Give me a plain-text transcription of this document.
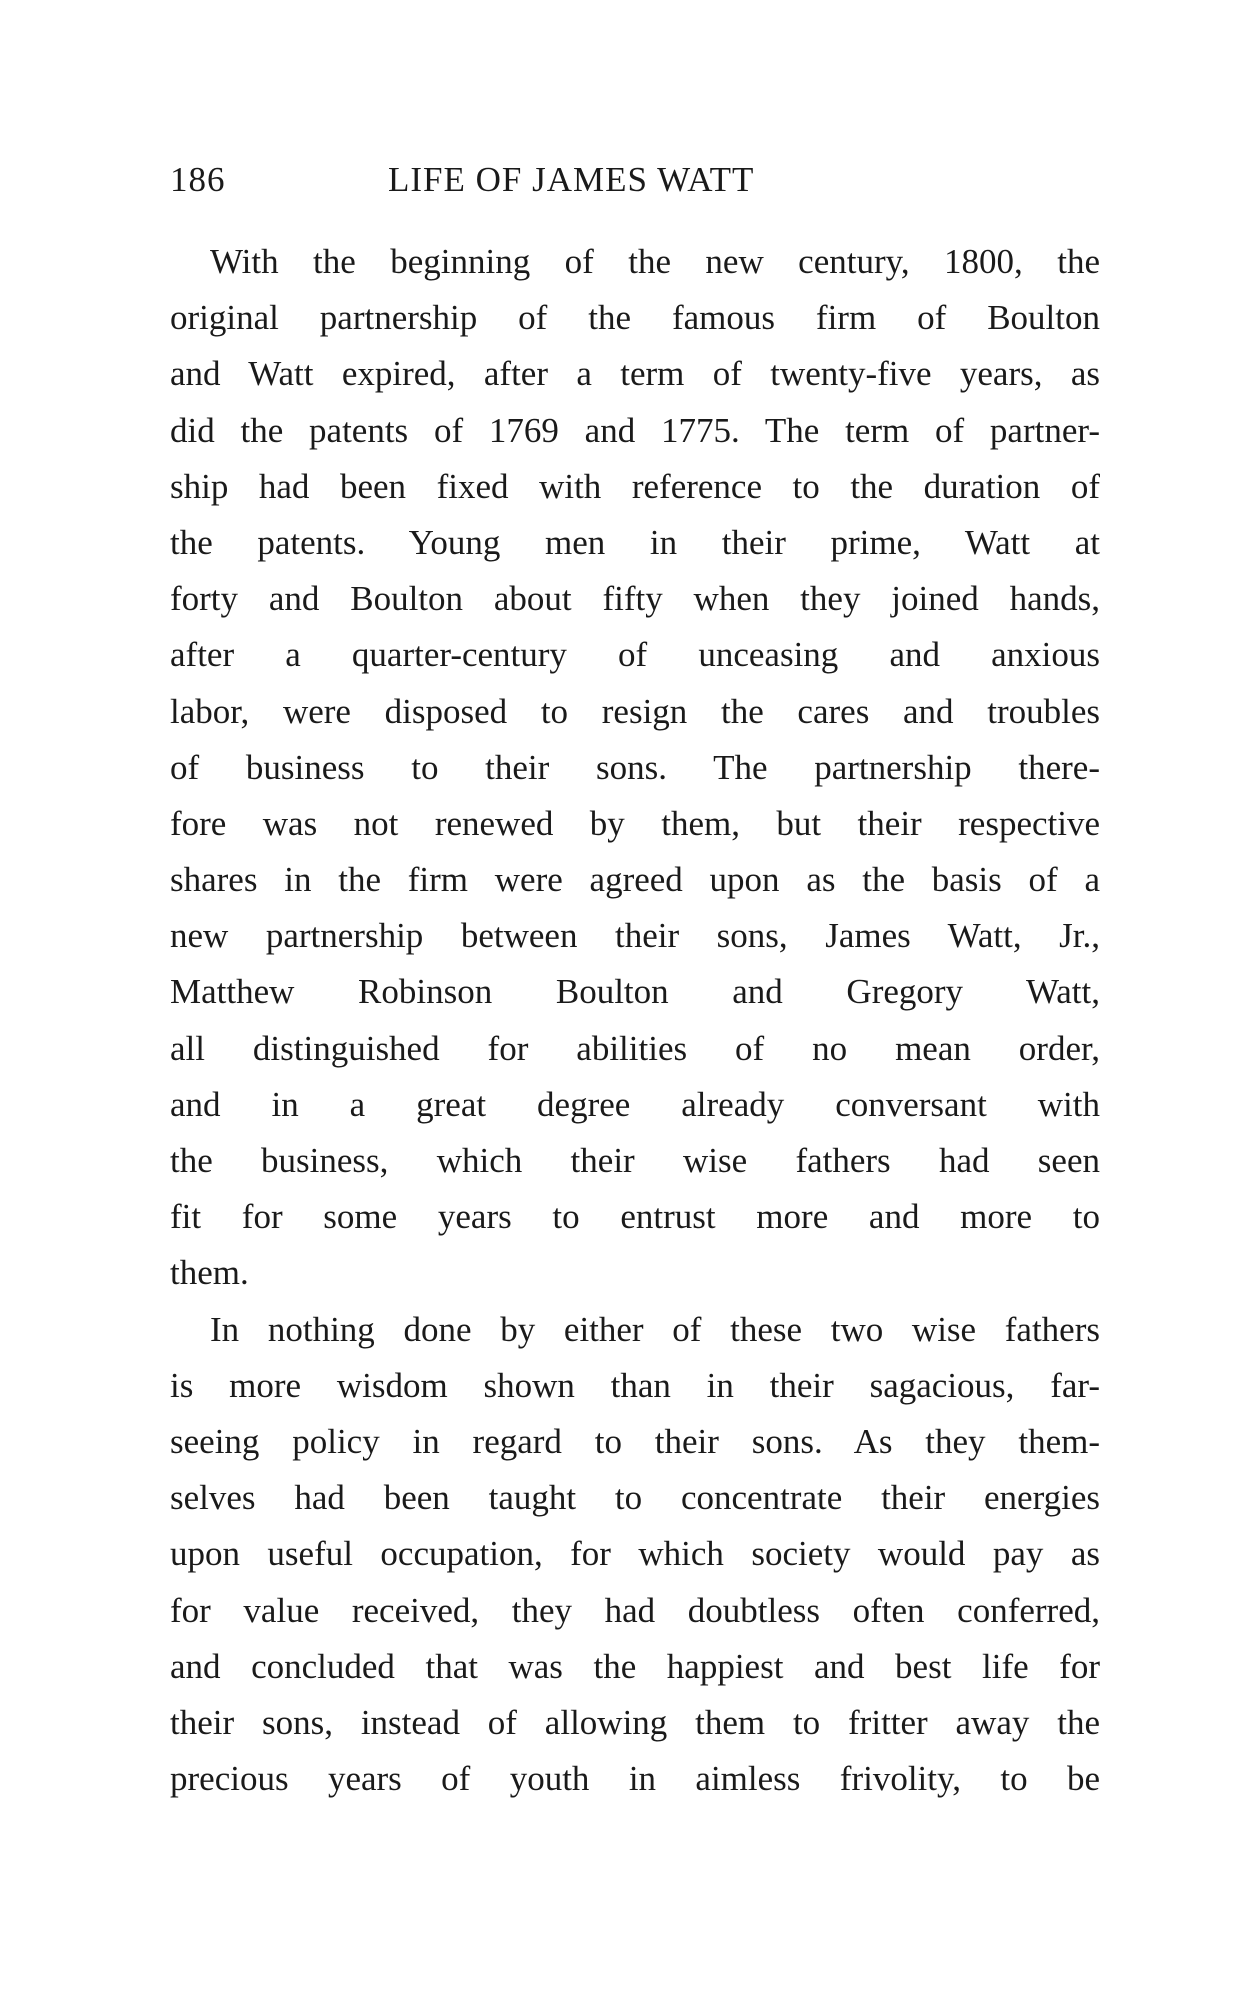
186	LIFE OF JAMES WATT
With the beginning of the new century, 1800, the
original partnership of the famous firm of Boulton
and Watt expired, after a term of twenty-five years, as
did the patents of 1769 and 1775. The term of partner-
ship had been fixed with reference to the duration of
the patents. Young men in their prime, Watt at
forty and Boulton about fifty when they joined hands,
after a quarter-century of unceasing and anxious
labor, were disposed to resign the cares and troubles
of business to their sons. The partnership there-
fore was not renewed by them, but their respective
shares in the firm were agreed upon as the basis of a
new partnership between their sons, James Watt, Jr.,
Matthew Robinson Boulton and Gregory Watt,
all distinguished for abilities of no mean order,
and in a great degree already conversant with
the business, which their wise fathers had seen
fit for some years to entrust more and more to
them.
In nothing done by either of these two wise fathers
is more wisdom shown than in their sagacious, far-
seeing policy in regard to their sons. As they them-
selves had been taught to concentrate their energies
upon useful occupation, for which society would pay as
for value received, they had doubtless often conferred,
and concluded that was the happiest and best life for
their sons, instead of allowing them to fritter away the
precious years of youth in aimless frivolity, to be
